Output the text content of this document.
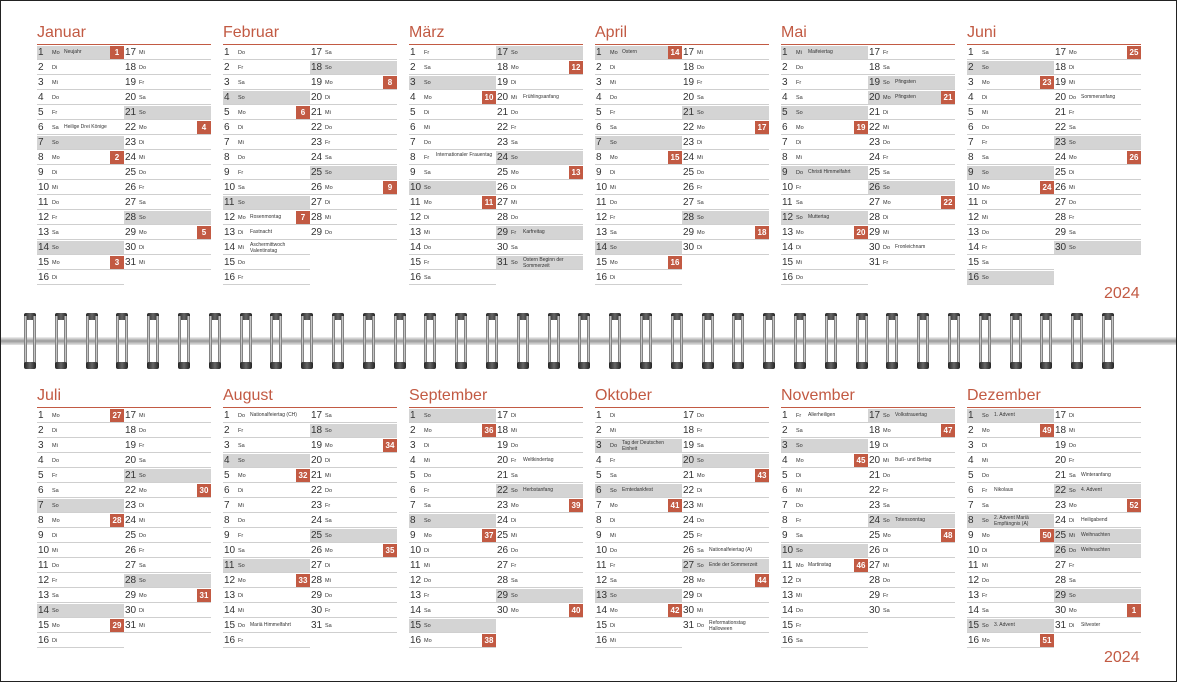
Januar
1 Mo Neujahr	1
2 Di
3 Mi
4 Do
5 Fr
6 Sa Heilige Drei Könige
7 So
8 Mo	2
9 Di
10 Mi
11 Do
12 Fr
13 Sa
14 So
15 Mo	3
16 Di
17 Mi
18 Do
19 Fr
20 Sa
21 So
22 Mo	4
23 Di
24 Mi
25 Do
26 Fr
27 Sa
28 So
29 Mo	5
30 Di
31 Mi
Februar
1 Do
2 Fr
3 Sa
4 So
5 Mo	6
6 Di
7 Mi
8 Do
9 Fr
10 Sa
11 So
12 Mo Rosenmontag	7
13 Di Fastnacht
14 Mi Aschermittwoch Valentinstag
15 Do
16 Fr
17 Sa
18 So
19 Mo	8
20 Di
21 Mi
22 Do
23 Fr
24 Sa
25 So
26 Mo	9
27 Di
28 Mi
29 Do
März
1 Fr
2 Sa
3 So
4 Mo	10
5 Di
6 Mi
7 Do
8 Fr Internationaler Frauentag
9 Sa
10 So
11 Mo	11
12 Di
13 Mi
14 Do
15 Fr
16 Sa
17 So
18 Mo	12
19 Di
20 Mi Frühlingsanfang
21 Do
22 Fr
23 Sa
24 So
25 Mo	13
26 Di
27 Mi
28 Do
29 Fr Karfreitag
30 Sa
31 So Ostern Beginn der Sommerzeit
April
1 Mo Ostern	14
2 Di
3 Mi
4 Do
5 Fr
6 Sa
7 So
8 Mo	15
9 Di
10 Mi
11 Do
12 Fr
13 Sa
14 So
15 Mo	16
16 Di
17 Mi
18 Do
19 Fr
20 Sa
21 So
22 Mo	17
23 Di
24 Mi
25 Do
26 Fr
27 Sa
28 So
29 Mo	18
30 Di
Mai
1 Mi Maifeiertag
2 Do
3 Fr
4 Sa
5 So
6 Mo	19
7 Di
8 Mi
9 Do Christi Himmelfahrt
10 Fr
11 Sa
12 So Muttertag
13 Mo	20
14 Di
15 Mi
16 Do
17 Fr
18 Sa
19 So Pfingsten
20 Mo Pfingsten	21
21 Di
22 Mi
23 Do
24 Fr
25 Sa
26 So
27 Mo	22
28 Di
29 Mi
30 Do Fronleichnam
31 Fr
Juni
1 Sa
2 So
3 Mo	23
4 Di
5 Mi
6 Do
7 Fr
8 Sa
9 So
10 Mo	24
11 Di
12 Mi
13 Do
14 Fr
15 Sa
16 So
17 Mo	25
18 Di
19 Mi
20 Do Sommeranfang
21 Fr
22 Sa
23 So
24 Mo	26
25 Di
26 Mi
27 Do
28 Fr
29 Sa
30 So
Juli
1 Mo	27
2 Di
3 Mi
4 Do
5 Fr
6 Sa
7 So
8 Mo	28
9 Di
10 Mi
11 Do
12 Fr
13 Sa
14 So
15 Mo	29
16 Di
17 Mi
18 Do
19 Fr
20 Sa
21 So
22 Mo	30
23 Di
24 Mi
25 Do
26 Fr
27 Sa
28 So
29 Mo	31
30 Di
31 Mi
August
1 Do Nationalfeiertag (CH)
2 Fr
3 Sa
4 So
5 Mo	32
6 Di
7 Mi
8 Do
9 Fr
10 Sa
11 So
12 Mo	33
13 Di
14 Mi
15 Do Mariä Himmelfahrt
16 Fr
17 Sa
18 So
19 Mo	34
20 Di
21 Mi
22 Do
23 Fr
24 Sa
25 So
26 Mo	35
27 Di
28 Mi
29 Do
30 Fr
31 Sa
September
1 So
2 Mo	36
3 Di
4 Mi
5 Do
6 Fr
7 Sa
8 So
9 Mo	37
10 Di
11 Mi
12 Do
13 Fr
14 Sa
15 So
16 Mo	38
17 Di
18 Mi
19 Do
20 Fr Weltkindertag
21 Sa
22 So Herbstanfang
23 Mo	39
24 Di
25 Mi
26 Do
27 Fr
28 Sa
29 So
30 Mo	40
Oktober
1 Di
2 Mi
3 Do Tag der Deutschen Einheit
4 Fr
5 Sa
6 So Erntedankfest
7 Mo	41
8 Di
9 Mi
10 Do
11 Fr
12 Sa
13 So
14 Mo	42
15 Di
16 Mi
17 Do
18 Fr
19 Sa
20 So
21 Mo	43
22 Di
23 Mi
24 Do
25 Fr
26 Sa Nationalfeiertag (A)
27 So Ende der Sommerzeit
28 Mo	44
29 Di
30 Mi
31 Do Reformationstag Halloween
November
1 Fr Allerheiligen
2 Sa
3 So
4 Mo	45
5 Di
6 Mi
7 Do
8 Fr
9 Sa
10 So
11 Mo Martinstag	46
12 Di
13 Mi
14 Do
15 Fr
16 Sa
17 So Volkstrauertag
18 Mo	47
19 Di
20 Mi Buß- und Bettag
21 Do
22 Fr
23 Sa
24 So Totensonntag
25 Mo	48
26 Di
27 Mi
28 Do
29 Fr
30 Sa
Dezember
1 So 1. Advent
2 Mo	49
3 Di
4 Mi
5 Do
6 Fr Nikolaus
7 Sa
8 So 2. Advent Mariä Empfängnis (A)
9 Mo	50
10 Di
11 Mi
12 Do
13 Fr
14 Sa
15 So 3. Advent
16 Mo	51
17 Di
18 Mi
19 Do
20 Fr
21 Sa Winteranfang
22 So 4. Advent
23 Mo	52
24 Di Heiligabend
25 Mi Weihnachten
26 Do Weihnachten
27 Fr
28 Sa
29 So
30 Mo	1
31 Di Silvester
2024
2024
